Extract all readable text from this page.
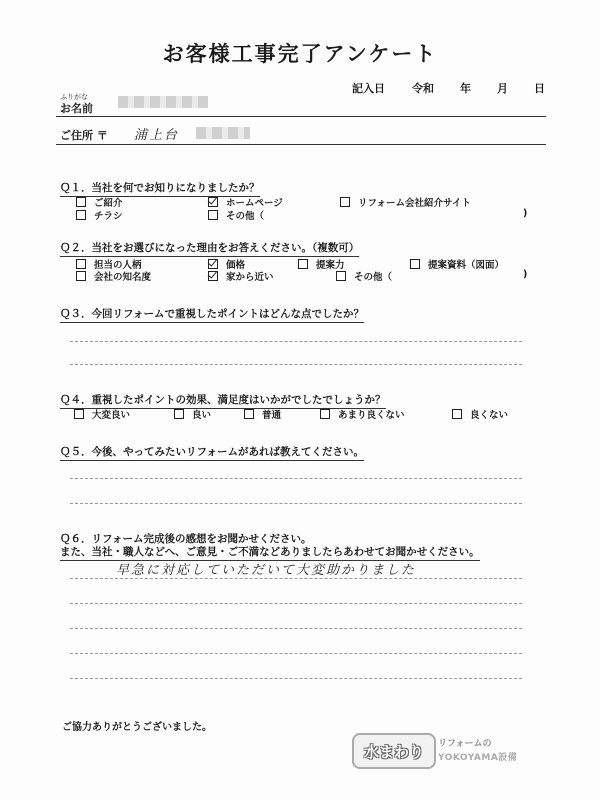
お客様工事完了アンケート
記入日 令和 年 月 日
ふりがな
お名前
ご住所 〒 浦上台
Ｑ１．当社を何でお知りになりましたか？
ご紹介	ホームページ	リフォーム会社紹介サイト
チラシ	その他（	)
Ｑ２．当社をお選びになった理由をお答えください。（複数可）
担当の人柄	価格	提案力	提案資料（図面）
会社の知名度	家から近い	その他（	)
Ｑ３．今回リフォームで重視したポイントはどんな点でしたか？
Ｑ４．重視したポイントの効果、満足度はいかがでしたでしょうか？
大変良い	良い	普通	あまり良くない	良くない
Ｑ５．今後、やってみたいリフォームがあれば教えてください。
Ｑ６．リフォーム完成後の感想をお聞かせください。
また、当社・職人などへ、ご意見・ご不満などありましたらあわせてお聞かせください。
早急に対応していただいて大変助かりました
ご協力ありがとうございました。
水まわり	リフォームの
YOKOYAMA設備
